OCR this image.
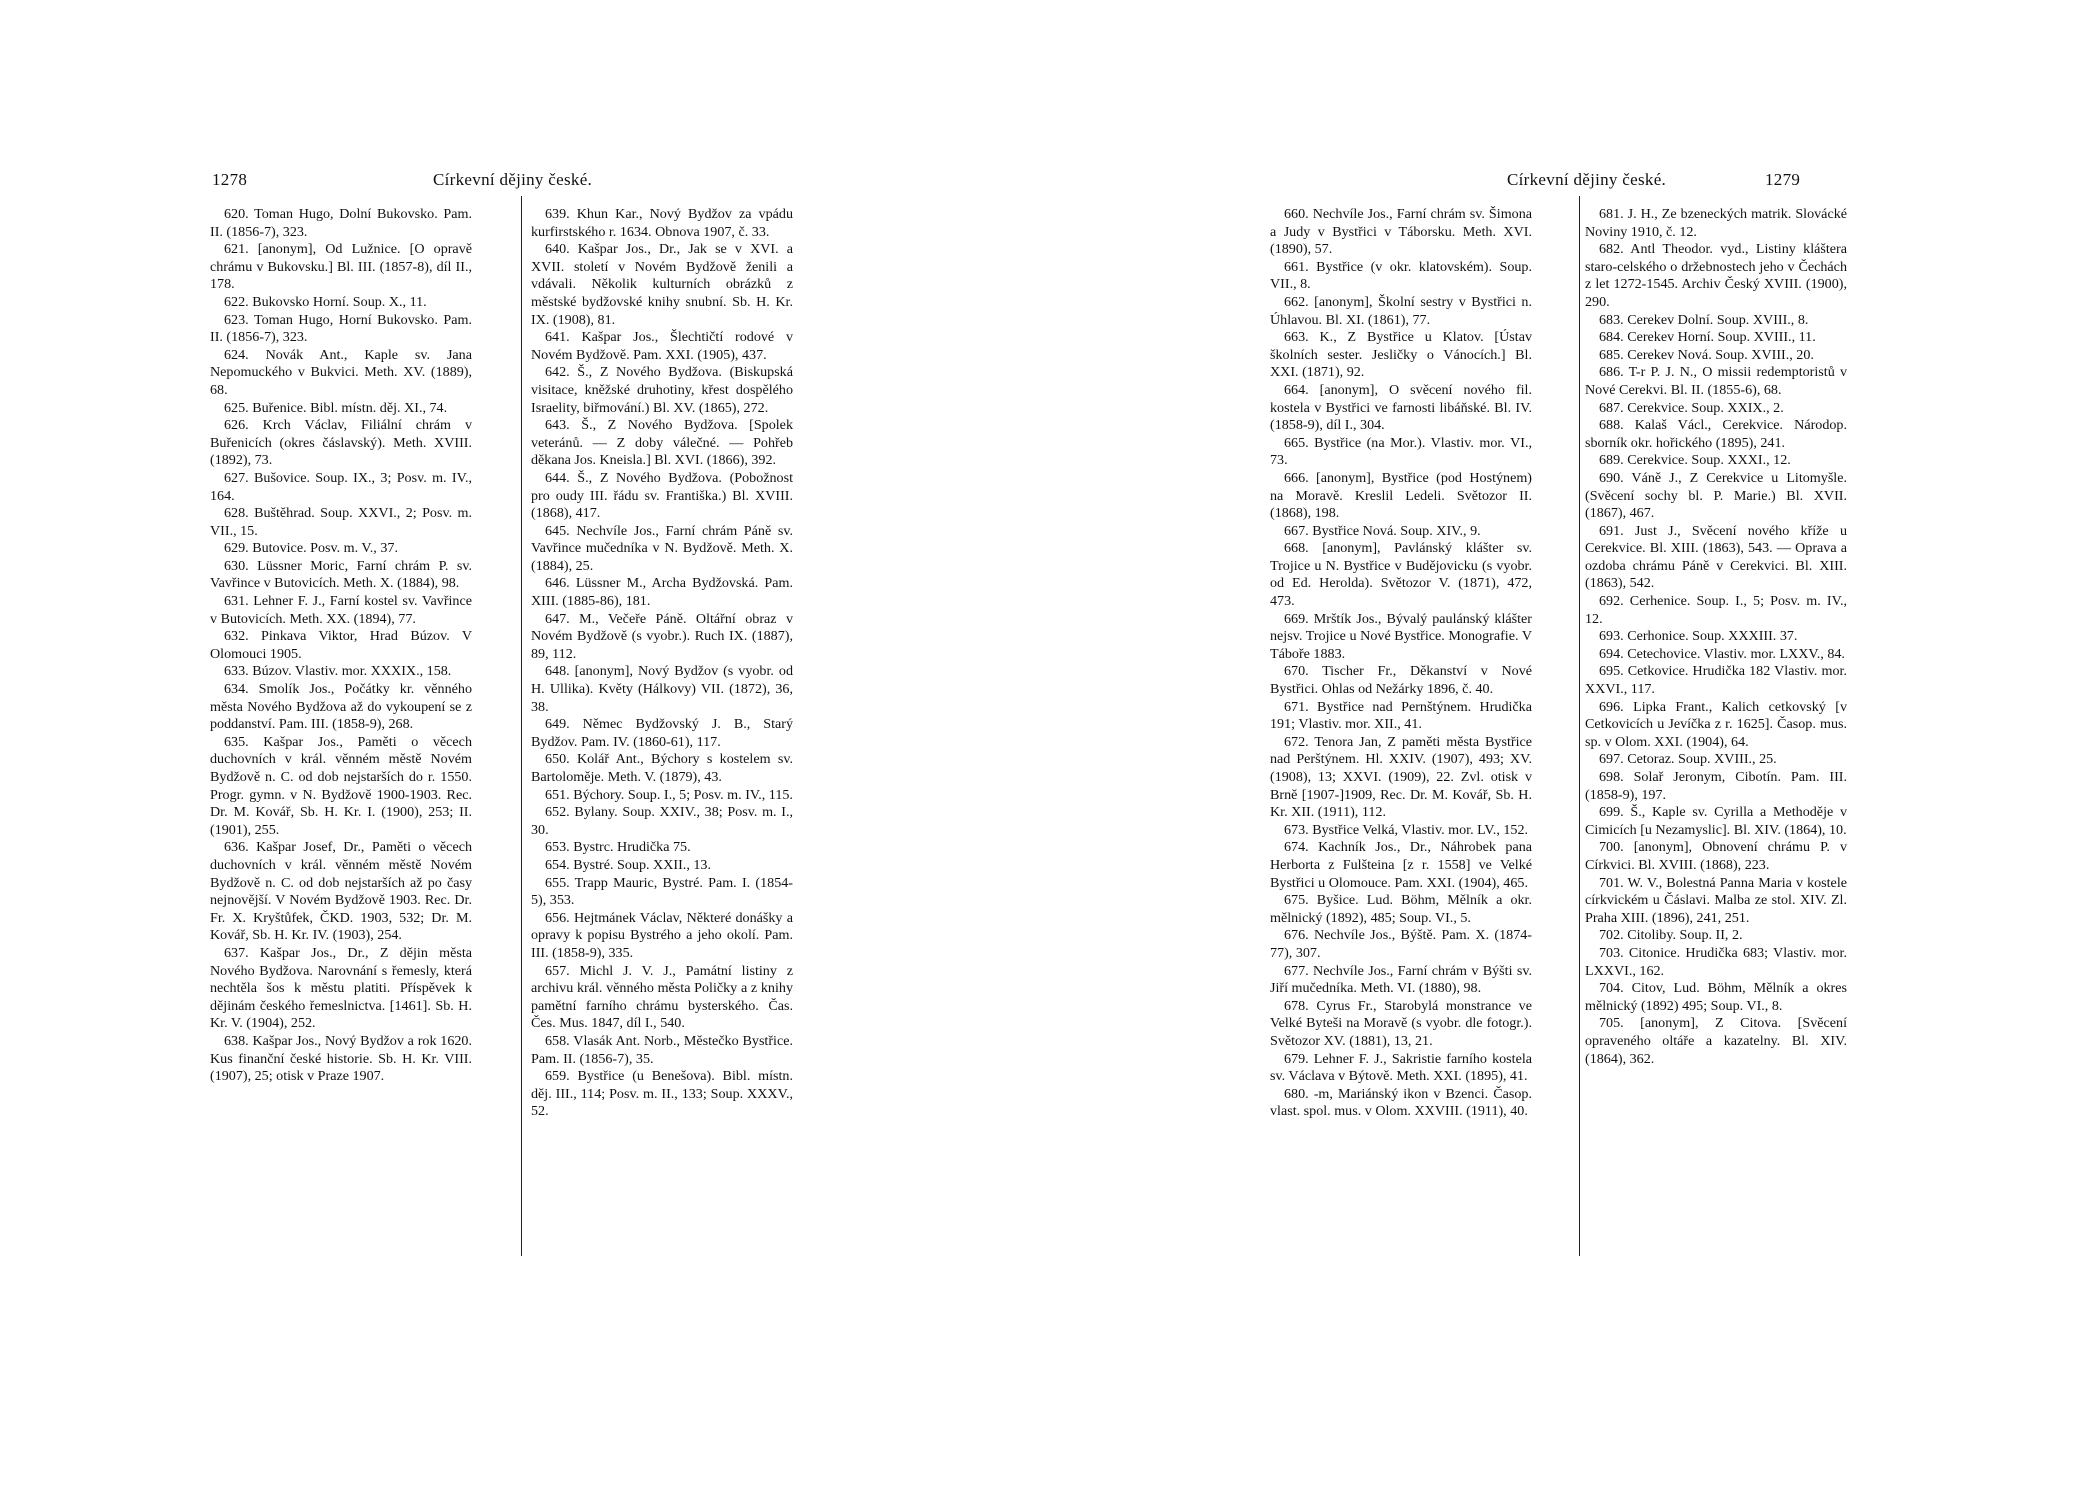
1278	Církevní dějiny české.

620. Toman Hugo, Dolní Bukovsko. Pam. II. (1856-7), 323.

621. [anonym], Od Lužnice. [O opravě chrámu v Bukovsku.] Bl. III. (1857-8), díl II., 178.

622. Bukovsko Horní. Soup. X., 11.

623. Toman Hugo, Horní Bukovsko. Pam. II. (1856-7), 323.

624. Novák Ant., Kaple sv. Jana Nepomuckého v Bukvici. Meth. XV. (1889), 68.

625. Buřenice. Bibl. místn. děj. XI., 74.

626. Krch Václav, Filiální chrám v Buřenicích (okres čáslavský). Meth. XVIII. (1892), 73.

627. Bušovice. Soup. IX., 3; Posv. m. IV., 164.

628. Buštěhrad. Soup. XXVI., 2; Posv. m. VII., 15.

629. Butovice. Posv. m. V., 37.

630. Lüssner Moric, Farní chrám P. sv. Vavřince v Butovicích. Meth. X. (1884), 98.

631. Lehner F. J., Farní kostel sv. Vavřince v Butovicích. Meth. XX. (1894), 77.

632. Pinkava Viktor, Hrad Búzov. V Olomouci 1905.

633. Búzov. Vlastiv. mor. XXXIX., 158.

634. Smolík Jos., Počátky kr. věnného města Nového Bydžova až do vykoupení se z poddanství. Pam. III. (1858-9), 268.

635. Kašpar Jos., Paměti o věcech duchovních v král. věnném městě Novém Bydžově n. C. od dob nejstarších do r. 1550. Progr. gymn. v N. Bydžově 1900-1903. Rec. Dr. M. Kovář, Sb. H. Kr. I. (1900), 253; II. (1901), 255.

636. Kašpar Josef, Dr., Paměti o věcech duchovních v král. věnném městě Novém Bydžově n. C. od dob nejstarších až po časy nejnovější. V Novém Bydžově 1903. Rec. Dr. Fr. X. Kryštůfek, ČKD. 1903, 532; Dr. M. Kovář, Sb. H. Kr. IV. (1903), 254.

637. Kašpar Jos., Dr., Z dějin města Nového Bydžova. Narovnání s řemesly, která nechtěla šos k městu platiti. Příspěvek k dějinám českého řemeslnictva. [1461]. Sb. H. Kr. V. (1904), 252.

638. Kašpar Jos., Nový Bydžov a rok 1620. Kus finanční české historie. Sb. H. Kr. VIII. (1907), 25; otisk v Praze 1907.

639. Khun Kar., Nový Bydžov za vpádu kurfirstského r. 1634. Obnova 1907, č. 33.

640. Kašpar Jos., Dr., Jak se v XVI. a XVII. století v Novém Bydžově ženili a vdávali. Několik kulturních obrázků z městské bydžovské knihy snubní. Sb. H. Kr. IX. (1908), 81.

641. Kašpar Jos., Šlechtičtí rodové v Novém Bydžově. Pam. XXI. (1905), 437.

642. Š., Z Nového Bydžova. (Biskupská visitace, kněžské druhotiny, křest dospělého Israelity, biřmování.) Bl. XV. (1865), 272.

643. Š., Z Nového Bydžova. [Spolek veteránů. — Z doby válečné. — Pohřeb děkana Jos. Kneisla.] Bl. XVI. (1866), 392.

644. Š., Z Nového Bydžova. (Pobožnost pro oudy III. řádu sv. Františka.) Bl. XVIII. (1868), 417.

645. Nechvíle Jos., Farní chrám Páně sv. Vavřince mučedníka v N. Bydžově. Meth. X. (1884), 25.

646. Lüssner M., Archa Bydžovská. Pam. XIII. (1885-86), 181.

647. M., Večeře Páně. Oltářní obraz v Novém Bydžově (s vyobr.). Ruch IX. (1887), 89, 112.

648. [anonym], Nový Bydžov (s vyobr. od H. Ullika). Květy (Hálkovy) VII. (1872), 36, 38.

649. Němec Bydžovský J. B., Starý Bydžov. Pam. IV. (1860-61), 117.

650. Kolář Ant., Býchory s kostelem sv. Bartoloměje. Meth. V. (1879), 43.

651. Býchory. Soup. I., 5; Posv. m. IV., 115.

652. Bylany. Soup. XXIV., 38; Posv. m. I., 30.

653. Bystrc. Hrudička 75.

654. Bystré. Soup. XXII., 13.

655. Trapp Mauric, Bystré. Pam. I. (1854-5), 353.

656. Hejtmánek Václav, Některé donášky a opravy k popisu Bystrého a jeho okolí. Pam. III. (1858-9), 335.

657. Michl J. V. J., Památní listiny z archivu král. věnného města Poličky a z knihy pamětní farního chrámu bysterského. Čas. Čes. Mus. 1847, díl I., 540.

658. Vlasák Ant. Norb., Městečko Bystřice. Pam. II. (1856-7), 35.

659. Bystřice (u Benešova). Bibl. místn. děj. III., 114; Posv. m. II., 133; Soup. XXXV., 52.

Církevní dějiny české.	1279

660. Nechvíle Jos., Farní chrám sv. Šimona a Judy v Bystřici v Táborsku. Meth. XVI. (1890), 57.

661. Bystřice (v okr. klatovském). Soup. VII., 8.

662. [anonym], Školní sestry v Bystřici n. Úhlavou. Bl. XI. (1861), 77.

663. K., Z Bystřice u Klatov. [Ústav školních sester. Jesličky o Vánocích.] Bl. XXI. (1871), 92.

664. [anonym], O svěcení nového fil. kostela v Bystřici ve farnosti libáňské. Bl. IV. (1858-9), díl I., 304.

665. Bystřice (na Mor.). Vlastiv. mor. VI., 73.

666. [anonym], Bystřice (pod Hostýnem) na Moravě. Kreslil Ledeli. Světozor II. (1868), 198.

667. Bystřice Nová. Soup. XIV., 9.

668. [anonym], Pavlánský klášter sv. Trojice u N. Bystřice v Budějovicku (s vyobr. od Ed. Herolda). Světozor V. (1871), 472, 473.

669. Mrštík Jos., Bývalý paulánský klášter nejsv. Trojice u Nové Bystřice. Monografie. V Táboře 1883.

670. Tischer Fr., Děkanství v Nové Bystřici. Ohlas od Nežárky 1896, č. 40.

671. Bystřice nad Pernštýnem. Hrudička 191; Vlastiv. mor. XII., 41.

672. Tenora Jan, Z paměti města Bystřice nad Perštýnem. Hl. XXIV. (1907), 493; XV. (1908), 13; XXVI. (1909), 22. Zvl. otisk v Brně [1907-]1909, Rec. Dr. M. Kovář, Sb. H. Kr. XII. (1911), 112.

673. Bystřice Velká, Vlastiv. mor. LV., 152.

674. Kachník Jos., Dr., Náhrobek pana Herborta z Fulšteina [z r. 1558] ve Velké Bystřici u Olomouce. Pam. XXI. (1904), 465.

675. Byšice. Lud. Böhm, Mělník a okr. mělnický (1892), 485; Soup. VI., 5.

676. Nechvíle Jos., Býště. Pam. X. (1874-77), 307.

677. Nechvíle Jos., Farní chrám v Býšti sv. Jiří mučedníka. Meth. VI. (1880), 98.

678. Cyrus Fr., Starobylá monstrance ve Velké Byteši na Moravě (s vyobr. dle fotogr.). Světozor XV. (1881), 13, 21.

679. Lehner F. J., Sakristie farního kostela sv. Václava v Býtově. Meth. XXI. (1895), 41.

680. -m, Mariánský ikon v Bzenci. Časop. vlast. spol. mus. v Olom. XXVIII. (1911), 40.

681. J. H., Ze bzeneckých matrik. Slovácké Noviny 1910, č. 12.

682. Antl Theodor. vyd., Listiny kláštera staro-celského o držebnostech jeho v Čechách z let 1272-1545. Archiv Český XVIII. (1900), 290.

683. Cerekev Dolní. Soup. XVIII., 8.

684. Cerekev Horní. Soup. XVIII., 11.

685. Cerekev Nová. Soup. XVIII., 20.

686. T-r P. J. N., O missii redemptoristů v Nové Cerekvi. Bl. II. (1855-6), 68.

687. Cerekvice. Soup. XXIX., 2.

688. Kalaš Václ., Cerekvice. Národop. sborník okr. hořického (1895), 241.

689. Cerekvice. Soup. XXXI., 12.

690. Váně J., Z Cerekvice u Litomyšle. (Svěcení sochy bl. P. Marie.) Bl. XVII. (1867), 467.

691. Just J., Svěcení nového kříže u Cerekvice. Bl. XIII. (1863), 543. — Oprava a ozdoba chrámu Páně v Cerekvici. Bl. XIII. (1863), 542.

692. Cerhenice. Soup. I., 5; Posv. m. IV., 12.

693. Cerhonice. Soup. XXXIII. 37.

694. Cetechovice. Vlastiv. mor. LXXV., 84.

695. Cetkovice. Hrudička 182 Vlastiv. mor. XXVI., 117.

696. Lipka Frant., Kalich cetkovský [v Cetkovicích u Jevíčka z r. 1625]. Časop. mus. sp. v Olom. XXI. (1904), 64.

697. Cetoraz. Soup. XVIII., 25.

698. Solař Jeronym, Cibotín. Pam. III. (1858-9), 197.

699. Š., Kaple sv. Cyrilla a Methoděje v Cimicích [u Nezamyslic]. Bl. XIV. (1864), 10.

700. [anonym], Obnovení chrámu P. v Církvici. Bl. XVIII. (1868), 223.

701. W. V., Bolestná Panna Maria v kostele církvickém u Čáslavi. Malba ze stol. XIV. Zl. Praha XIII. (1896), 241, 251.

702. Citoliby. Soup. II, 2.

703. Citonice. Hrudička 683; Vlastiv. mor. LXXVI., 162.

704. Citov, Lud. Böhm, Mělník a okres mělnický (1892) 495; Soup. VI., 8.

705. [anonym], Z Citova. [Svěcení opraveného oltáře a kazatelny. Bl. XIV. (1864), 362.
